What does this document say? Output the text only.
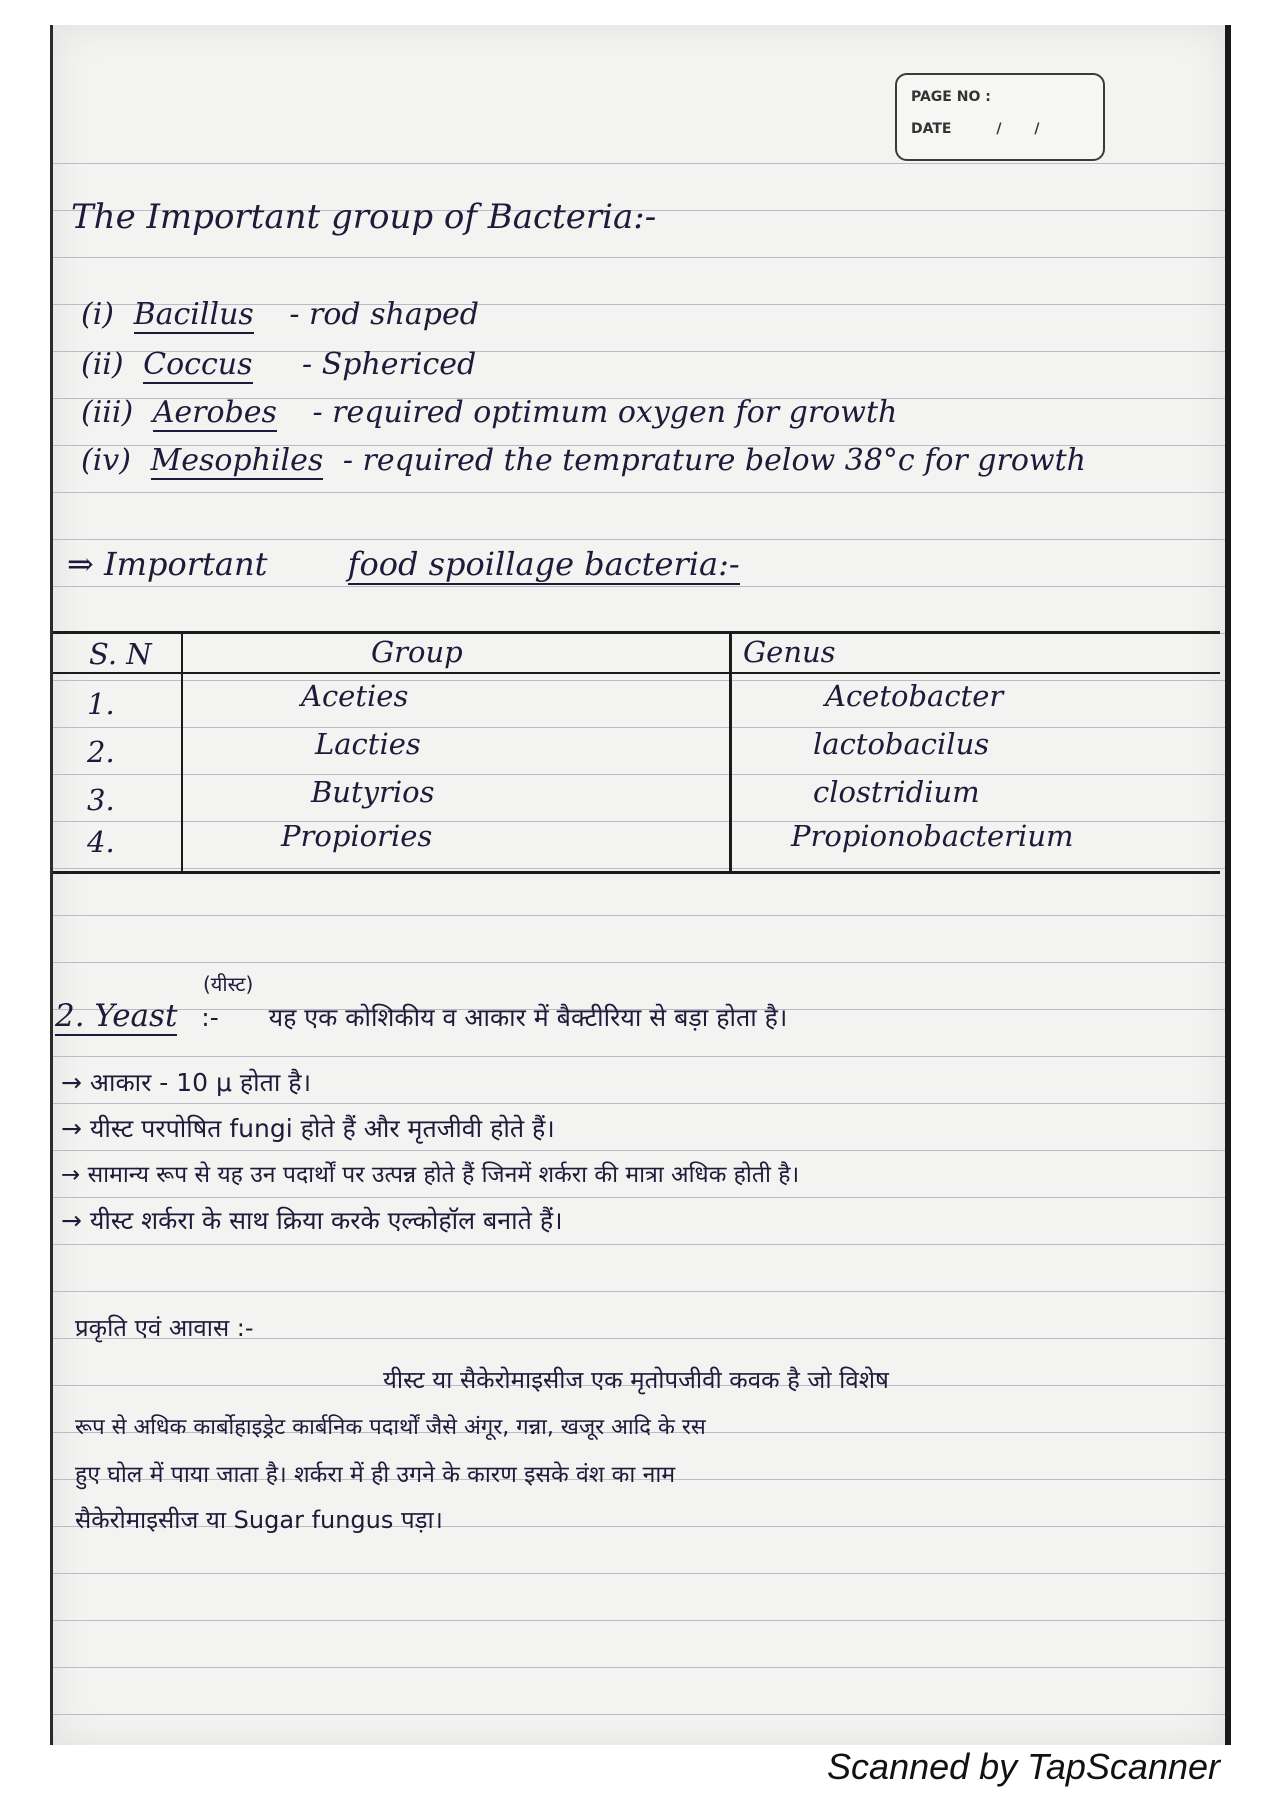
PAGE NO :
DATE	/ /
The Important group of Bacteria:-
(i) Bacillus - rod shaped
(ii) Coccus - Sphericed
(iii) Aerobes - required optimum oxygen for growth
(iv) Mesophiles - required the temprature below 38°c for growth
⇒ Important	food spoillage bacteria:-
S. N	Group	Genus
1.	Aceties	Acetobacter
2.	Lacties	lactobacilus
3.	Butyrios	clostridium
4.	Propiories	Propionobacterium
(यीस्ट)
2. Yeast :- यह एक कोशिकीय व आकार में बैक्टीरिया से बड़ा होता है।
→ आकार - 10 μ होता है।
→ यीस्ट परपोषित fungi होते हैं और मृतजीवी होते हैं।
→ सामान्य रूप से यह उन पदार्थों पर उत्पन्न होते हैं जिनमें शर्करा की मात्रा अधिक होती है।
→ यीस्ट शर्करा के साथ क्रिया करके एल्कोहॉल बनाते हैं।
प्रकृति एवं आवास :-
यीस्ट या सैकेरोमाइसीज एक मृतोपजीवी कवक है जो विशेष
रूप से अधिक कार्बोहाइड्रेट कार्बनिक पदार्थों जैसे अंगूर, गन्ना, खजूर आदि के रस
हुए घोल में पाया जाता है। शर्करा में ही उगने के कारण इसके वंश का नाम
सैकेरोमाइसीज या Sugar fungus पड़ा।
Scanned by TapScanner
